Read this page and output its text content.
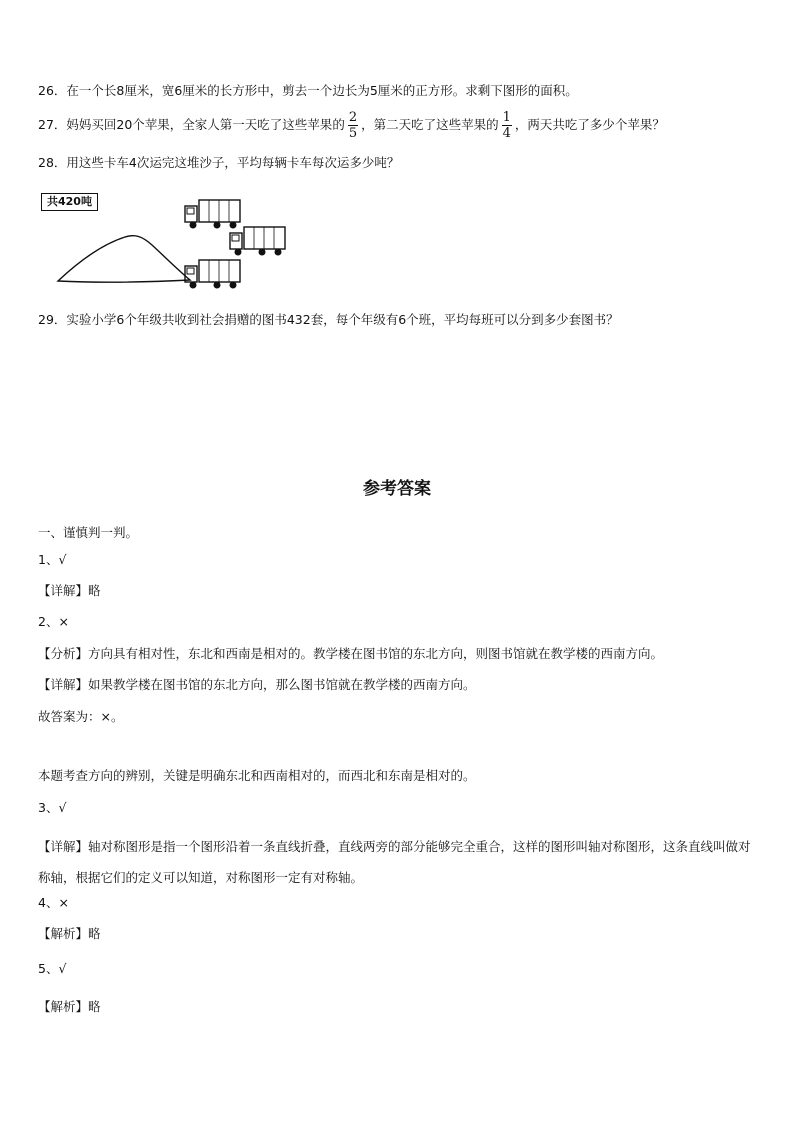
26．在一个长8厘米，宽6厘米的长方形中，剪去一个边长为5厘米的正方形。求剩下图形的面积。
27．妈妈买回20个苹果，全家人第一天吃了这些苹果的 $\frac{2}{5}$ ，第二天吃了这些苹果的 $\frac{1}{4}$ ，两天共吃了多少个苹果？
28．用这些卡车4次运完这堆沙子，平均每辆卡车每次运多少吨？
共420吨
29．实验小学6个年级共收到社会捐赠的图书432套，每个年级有6个班，平均每班可以分到多少套图书？
参考答案
一、谨慎判一判。
1、√
【详解】略
2、×
【分析】方向具有相对性，东北和西南是相对的。教学楼在图书馆的东北方向，则图书馆就在教学楼的西南方向。
【详解】如果教学楼在图书馆的东北方向，那么图书馆就在教学楼的西南方向。
故答案为：×。
本题考查方向的辨别，关键是明确东北和西南相对的，而西北和东南是相对的。
3、√
【详解】轴对称图形是指一个图形沿着一条直线折叠，直线两旁的部分能够完全重合，这样的图形叫轴对称图形，这条直线叫做对称轴，根据它们的定义可以知道，对称图形一定有对称轴。
4、×
【解析】略
5、√
【解析】略
